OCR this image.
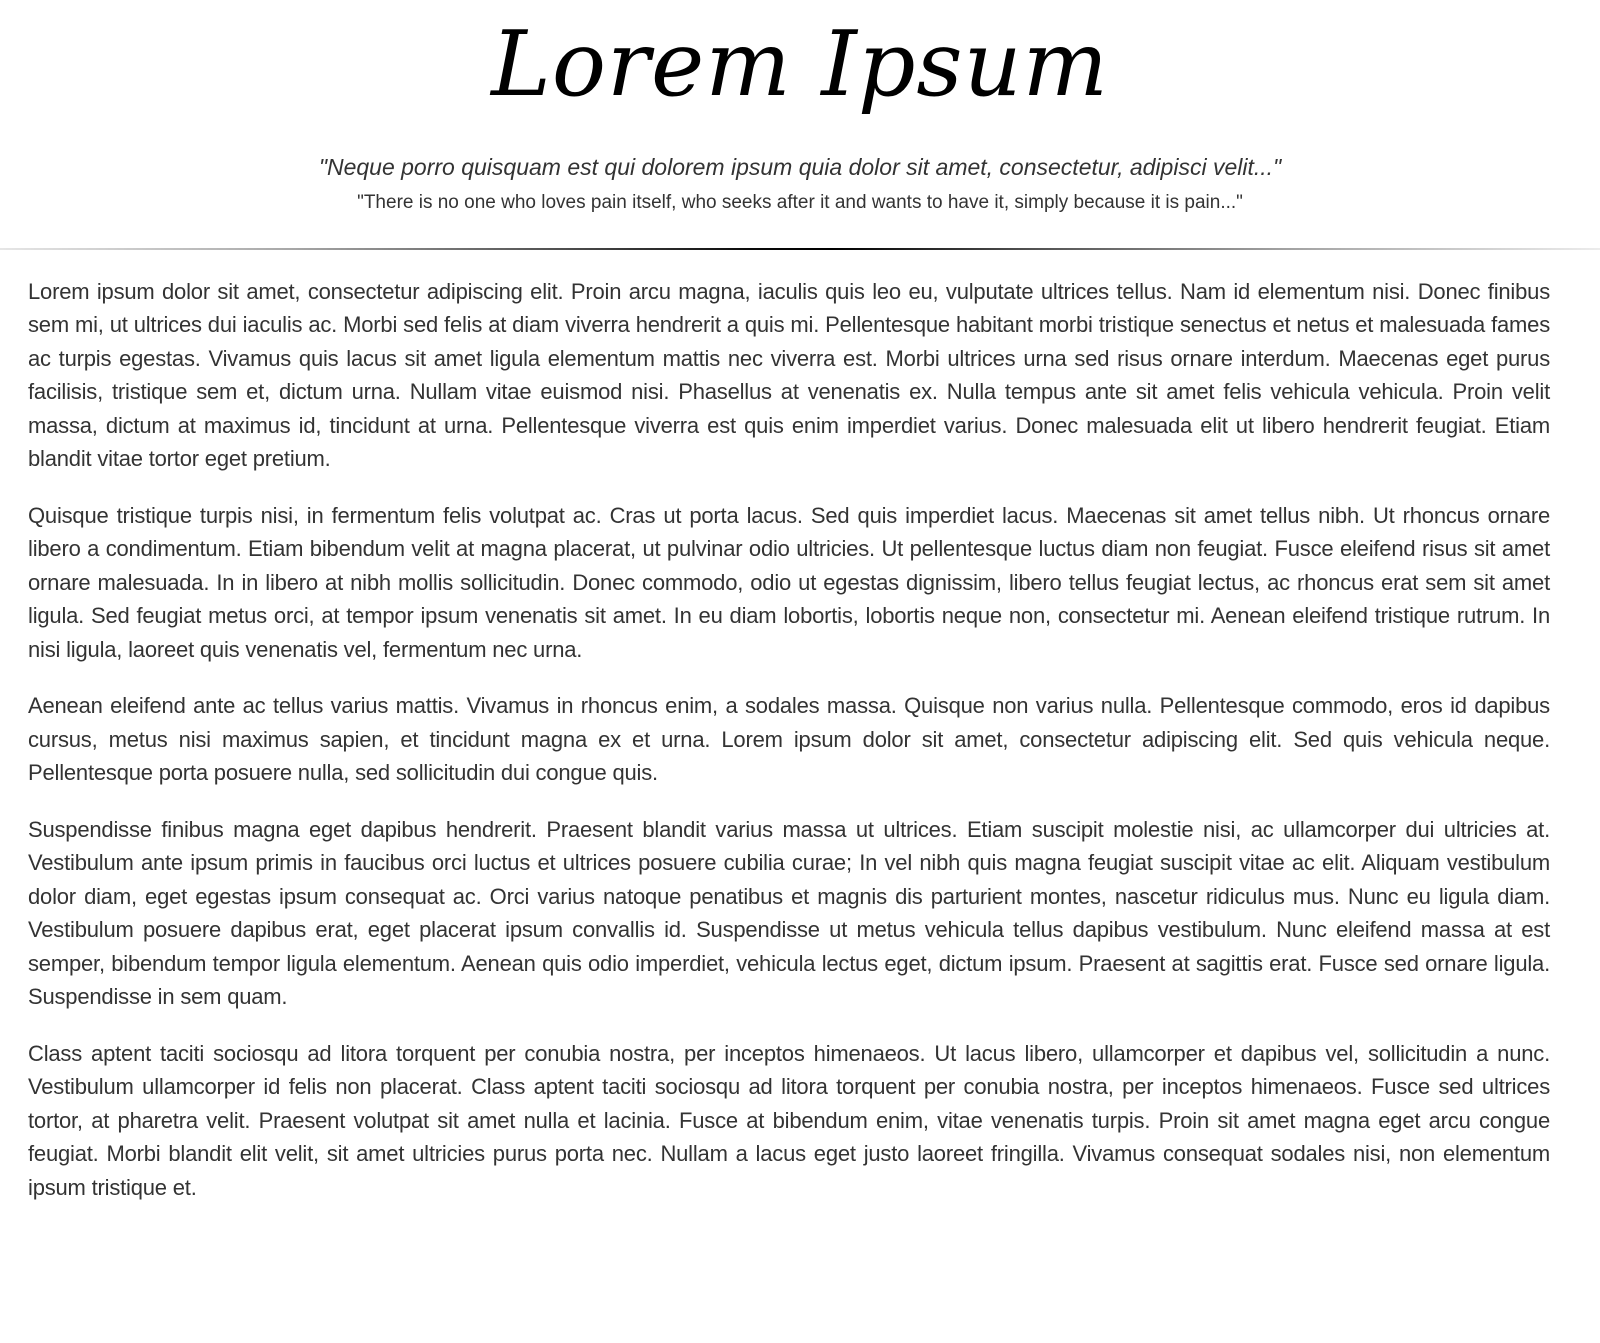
Lorem Ipsum

"Neque porro quisquam est qui dolorem ipsum quia dolor sit amet, consectetur, adipisci velit..."

"There is no one who loves pain itself, who seeks after it and wants to have it, simply because it is pain..."

Lorem ipsum dolor sit amet, consectetur adipiscing elit. Proin arcu magna, iaculis quis leo eu, vulputate ultrices tellus. Nam id elementum nisi. Donec finibus sem mi, ut ultrices dui iaculis ac. Morbi sed felis at diam viverra hendrerit a quis mi. Pellentesque habitant morbi tristique senectus et netus et malesuada fames ac turpis egestas. Vivamus quis lacus sit amet ligula elementum mattis nec viverra est. Morbi ultrices urna sed risus ornare interdum. Maecenas eget purus facilisis, tristique sem et, dictum urna. Nullam vitae euismod nisi. Phasellus at venenatis ex. Nulla tempus ante sit amet felis vehicula vehicula. Proin velit massa, dictum at maximus id, tincidunt at urna. Pellentesque viverra est quis enim imperdiet varius. Donec malesuada elit ut libero hendrerit feugiat. Etiam blandit vitae tortor eget pretium.

Quisque tristique turpis nisi, in fermentum felis volutpat ac. Cras ut porta lacus. Sed quis imperdiet lacus. Maecenas sit amet tellus nibh. Ut rhoncus ornare libero a condimentum. Etiam bibendum velit at magna placerat, ut pulvinar odio ultricies. Ut pellentesque luctus diam non feugiat. Fusce eleifend risus sit amet ornare malesuada. In in libero at nibh mollis sollicitudin. Donec commodo, odio ut egestas dignissim, libero tellus feugiat lectus, ac rhoncus erat sem sit amet ligula. Sed feugiat metus orci, at tempor ipsum venenatis sit amet. In eu diam lobortis, lobortis neque non, consectetur mi. Aenean eleifend tristique rutrum. In nisi ligula, laoreet quis venenatis vel, fermentum nec urna.

Aenean eleifend ante ac tellus varius mattis. Vivamus in rhoncus enim, a sodales massa. Quisque non varius nulla. Pellentesque commodo, eros id dapibus cursus, metus nisi maximus sapien, et tincidunt magna ex et urna. Lorem ipsum dolor sit amet, consectetur adipiscing elit. Sed quis vehicula neque. Pellentesque porta posuere nulla, sed sollicitudin dui congue quis.

Suspendisse finibus magna eget dapibus hendrerit. Praesent blandit varius massa ut ultrices. Etiam suscipit molestie nisi, ac ullamcorper dui ultricies at. Vestibulum ante ipsum primis in faucibus orci luctus et ultrices posuere cubilia curae; In vel nibh quis magna feugiat suscipit vitae ac elit. Aliquam vestibulum dolor diam, eget egestas ipsum consequat ac. Orci varius natoque penatibus et magnis dis parturient montes, nascetur ridiculus mus. Nunc eu ligula diam. Vestibulum posuere dapibus erat, eget placerat ipsum convallis id. Suspendisse ut metus vehicula tellus dapibus vestibulum. Nunc eleifend massa at est semper, bibendum tempor ligula elementum. Aenean quis odio imperdiet, vehicula lectus eget, dictum ipsum. Praesent at sagittis erat. Fusce sed ornare ligula. Suspendisse in sem quam.

Class aptent taciti sociosqu ad litora torquent per conubia nostra, per inceptos himenaeos. Ut lacus libero, ullamcorper et dapibus vel, sollicitudin a nunc. Vestibulum ullamcorper id felis non placerat. Class aptent taciti sociosqu ad litora torquent per conubia nostra, per inceptos himenaeos. Fusce sed ultrices tortor, at pharetra velit. Praesent volutpat sit amet nulla et lacinia. Fusce at bibendum enim, vitae venenatis turpis. Proin sit amet magna eget arcu congue feugiat. Morbi blandit elit velit, sit amet ultricies purus porta nec. Nullam a lacus eget justo laoreet fringilla. Vivamus consequat sodales nisi, non elementum ipsum tristique et.
